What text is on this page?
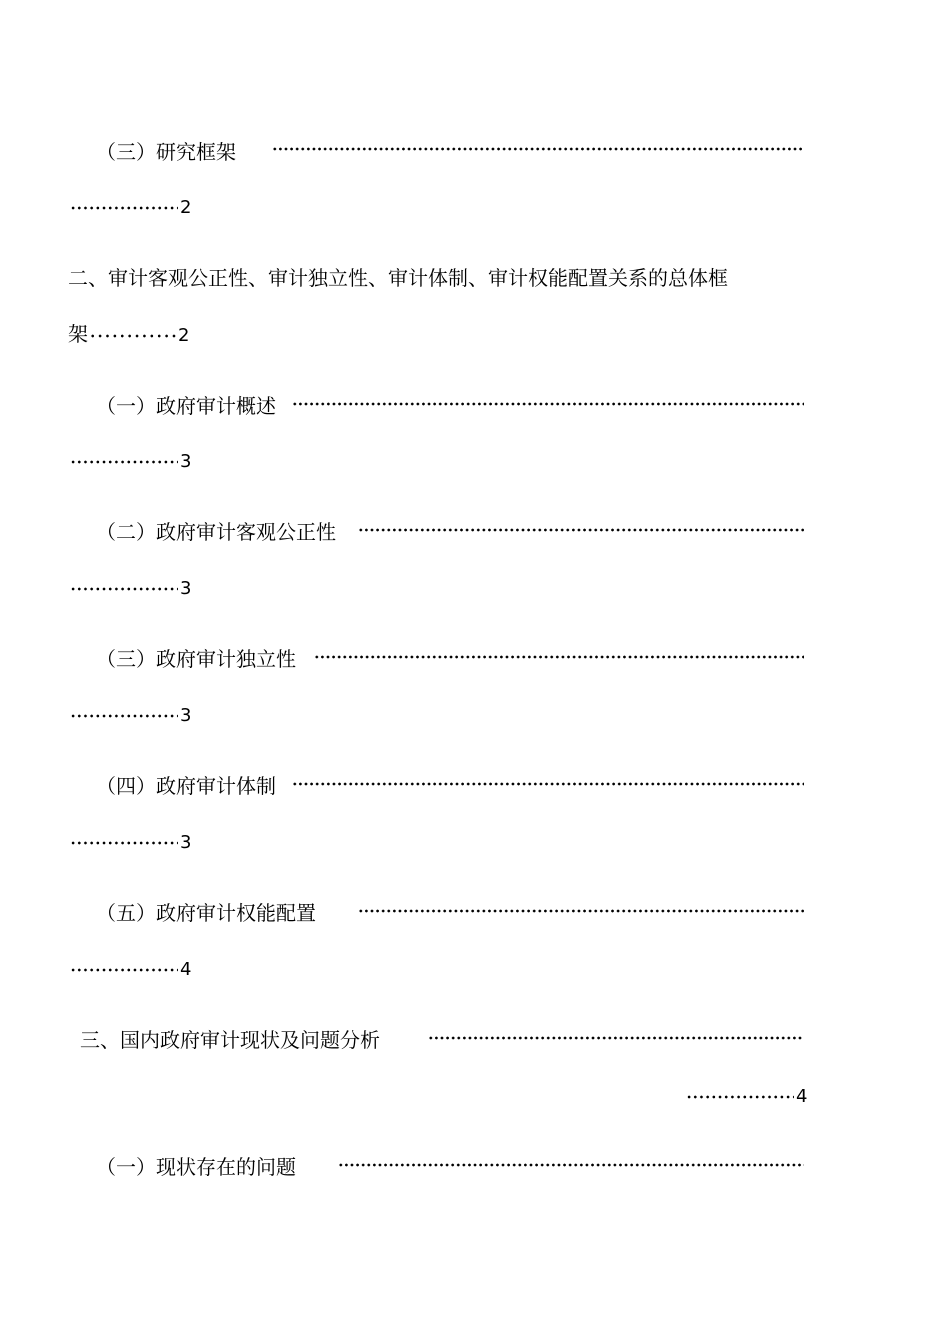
（三）研究框架
2
二、审计客观公正性、审计独立性、审计体制、审计权能配置关系的总体框
架	2
（一）政府审计概述
3
（二）政府审计客观公正性
3
（三）政府审计独立性
3
（四）政府审计体制
3
（五）政府审计权能配置
4
三、国内政府审计现状及问题分析
4
（一）现状存在的问题
